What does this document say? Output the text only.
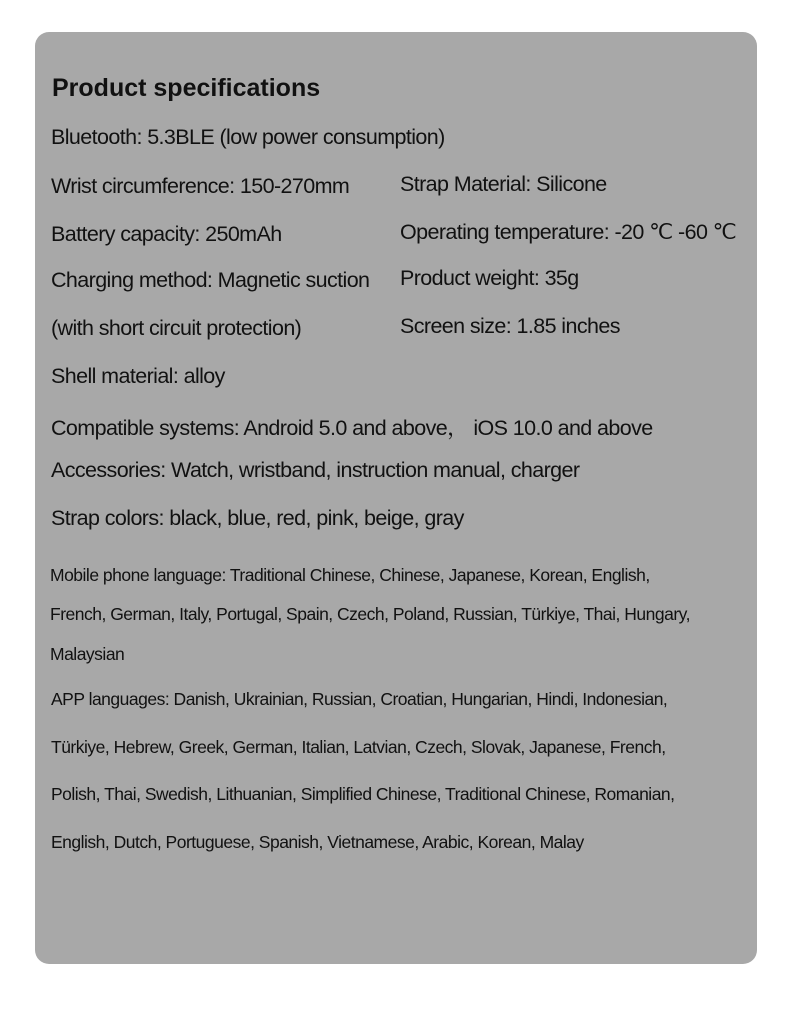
Product specifications
Bluetooth: 5.3BLE (low power consumption)
Wrist circumference: 150-270mm Strap Material: Silicone
Battery capacity: 250mAh	Operating temperature: -20 ℃ -60 ℃
Charging method: Magnetic suction Product weight: 35g
(with short circuit protection)	Screen size: 1.85 inches
Shell material: alloy
Compatible systems: Android 5.0 and above， iOS 10.0 and above
Accessories: Watch, wristband, instruction manual, charger
Strap colors: black, blue, red, pink, beige, gray
Mobile phone language: Traditional Chinese, Chinese, Japanese, Korean, English,
French, German, Italy, Portugal, Spain, Czech, Poland, Russian, Türkiye, Thai, Hungary,
Malaysian
APP languages: Danish, Ukrainian, Russian, Croatian, Hungarian, Hindi, Indonesian,
Türkiye, Hebrew, Greek, German, Italian, Latvian, Czech, Slovak, Japanese, French,
Polish, Thai, Swedish, Lithuanian, Simplified Chinese, Traditional Chinese, Romanian,
English, Dutch, Portuguese, Spanish, Vietnamese, Arabic, Korean, Malay
